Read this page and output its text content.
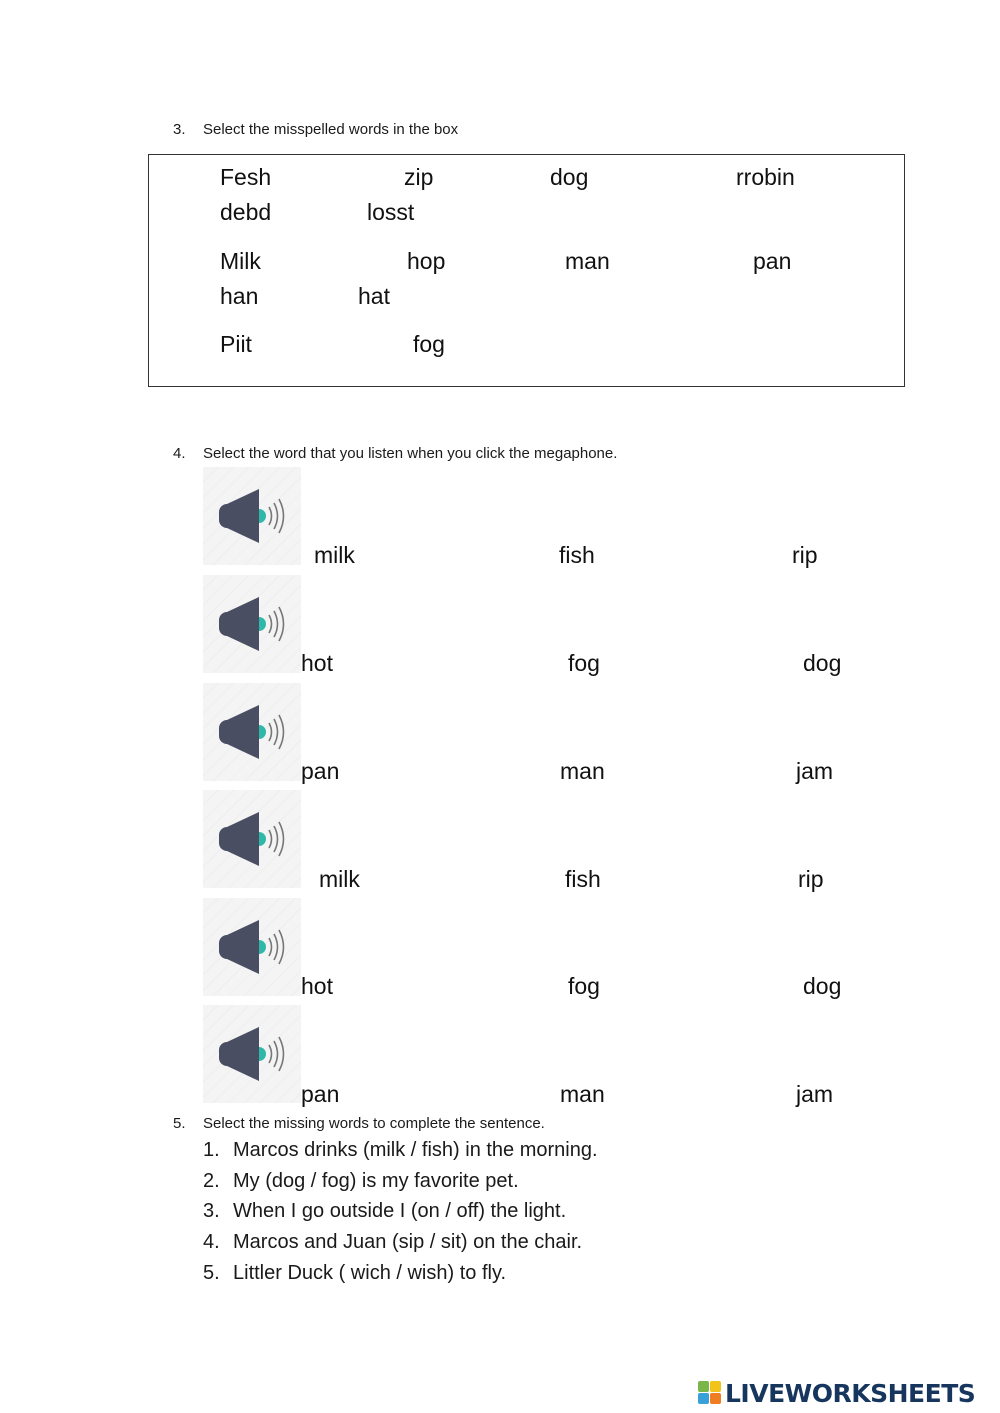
3. Select the misspelled words in the box
Fesh	zip	dog	rrobin
debd	losst
Milk	hop	man	pan
han	hat
Piit	fog
4. Select the word that you listen when you click the megaphone.
milk	fish	rip
hot	fog	dog
pan	man	jam
milk	fish	rip
hot	fog	dog
pan	man	jam
5. Select the missing words to complete the sentence.
1. Marcos drinks (milk / fish) in the morning.
2. My (dog / fog) is my favorite pet.
3. When I go outside I (on / off) the light.
4. Marcos and Juan (sip / sit) on the chair.
5. Littler Duck ( wich / wish) to fly.
LIVEWORKSHEETS
